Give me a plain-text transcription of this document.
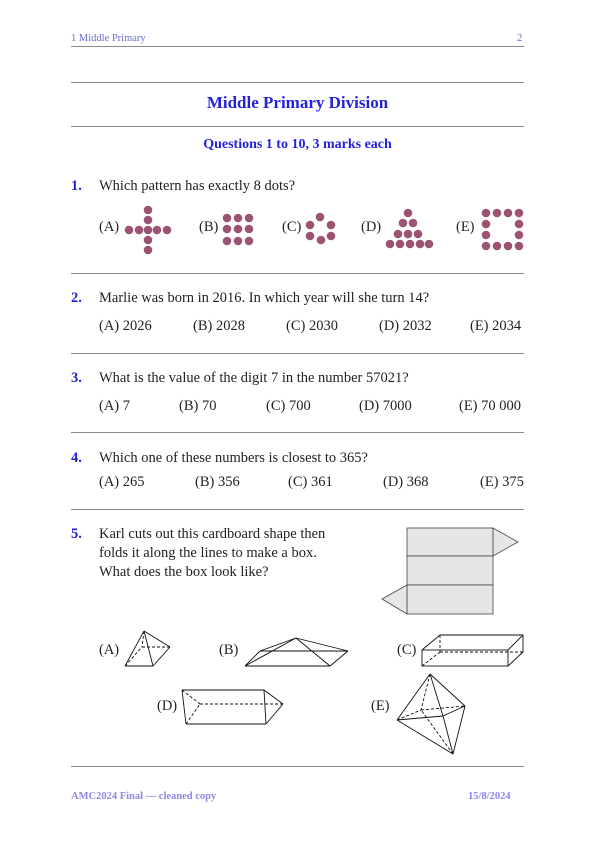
1 Middle Primary	2
Middle Primary Division
Questions 1 to 10, 3 marks each
1. Which pattern has exactly 8 dots?
(A)	(B)	(C)	(D)	(E)
2. Marlie was born in 2016. In which year will she turn 14?
(A) 2026	(B) 2028	(C) 2030	(D) 2032	(E) 2034
3. What is the value of the digit 7 in the number 57021?
(A) 7	(B) 70	(C) 700	(D) 7000	(E) 70 000
4. Which one of these numbers is closest to 365?
(A) 265	(B) 356	(C) 361	(D) 368	(E) 375
5. Karl cuts out this cardboard shape then
folds it along the lines to make a box.
What does the box look like?
(A)	(B)	(C)
(D)	(E)
AMC2024 Final — cleaned copy	15/8/2024
